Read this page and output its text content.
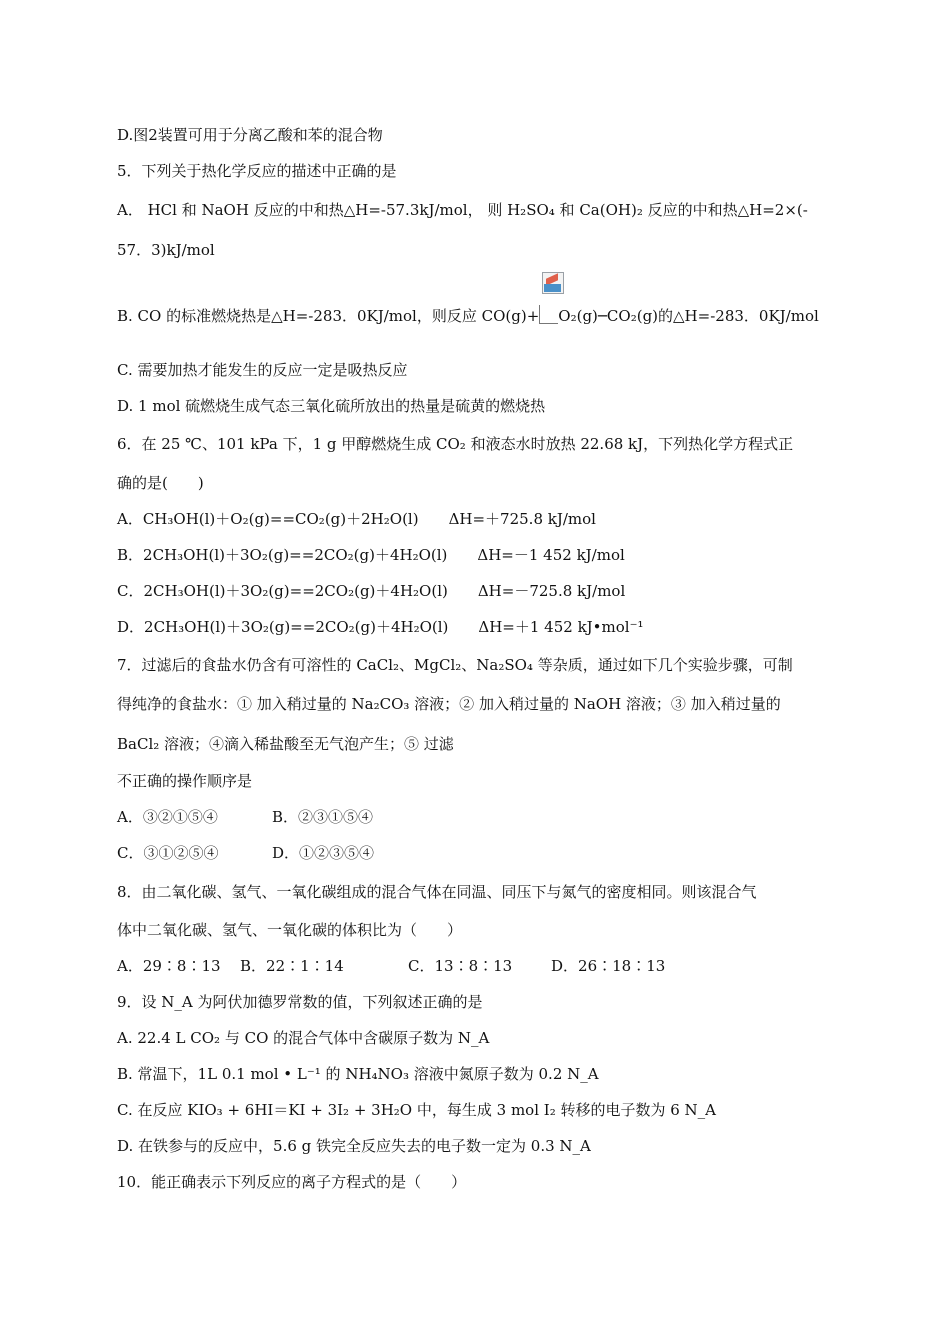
D.图2装置可用于分离乙酸和苯的混合物
5．下列关于热化学反应的描述中正确的是
A． HCl 和 NaOH 反应的中和热△H=-57.3kJ/mol， 则 H₂SO₄ 和 Ca(OH)₂ 反应的中和热△H=2×(-
57．3)kJ/mol
B. CO 的标准燃烧热是△H=-283．0KJ/mol，则反应 CO(g)+ O₂(g)─CO₂(g)的△H=-283．0KJ/mol
C. 需要加热才能发生的反应一定是吸热反应
D. 1 mol 硫燃烧生成气态三氧化硫所放出的热量是硫黄的燃烧热
6．在 25 ℃、101 kPa 下，1 g 甲醇燃烧生成 CO₂ 和液态水时放热 22.68 kJ，下列热化学方程式正
确的是(　　)
A．CH₃OH(l)＋O₂(g)==CO₂(g)＋2H₂O(l)　　ΔH=＋725.8 kJ/mol
B．2CH₃OH(l)＋3O₂(g)==2CO₂(g)＋4H₂O(l)　　ΔH=－1 452 kJ/mol
C．2CH₃OH(l)＋3O₂(g)==2CO₂(g)＋4H₂O(l)　　ΔH=－725.8 kJ/mol
D．2CH₃OH(l)＋3O₂(g)==2CO₂(g)＋4H₂O(l)　　ΔH=＋1 452 kJ•mol⁻¹
7．过滤后的食盐水仍含有可溶性的 CaCl₂、MgCl₂、Na₂SO₄ 等杂质，通过如下几个实验步骤，可制
得纯净的食盐水：① 加入稍过量的 Na₂CO₃ 溶液；② 加入稍过量的 NaOH 溶液；③ 加入稍过量的
BaCl₂ 溶液；④滴入稀盐酸至无气泡产生；⑤ 过滤
不正确的操作顺序是
A．③②①⑤④	B．②③①⑤④
C．③①②⑤④	D．①②③⑤④
8．由二氧化碳、氢气、一氧化碳组成的混合气体在同温、同压下与氮气的密度相同。则该混合气
体中二氧化碳、氢气、一氧化碳的体积比为（　　）
A．29∶8∶13	B．22∶1∶14	C．13∶8∶13	D．26∶18∶13
9．设 N_A 为阿伏加德罗常数的值，下列叙述正确的是
A. 22.4 L CO₂ 与 CO 的混合气体中含碳原子数为 N_A
B. 常温下，1L 0.1 mol • L⁻¹ 的 NH₄NO₃ 溶液中氮原子数为 0.2 N_A
C. 在反应 KIO₃ + 6HI＝KI + 3I₂ + 3H₂O 中，每生成 3 mol I₂ 转移的电子数为 6 N_A
D. 在铁参与的反应中，5.6 g 铁完全反应失去的电子数一定为 0.3 N_A
10．能正确表示下列反应的离子方程式的是（　　）
